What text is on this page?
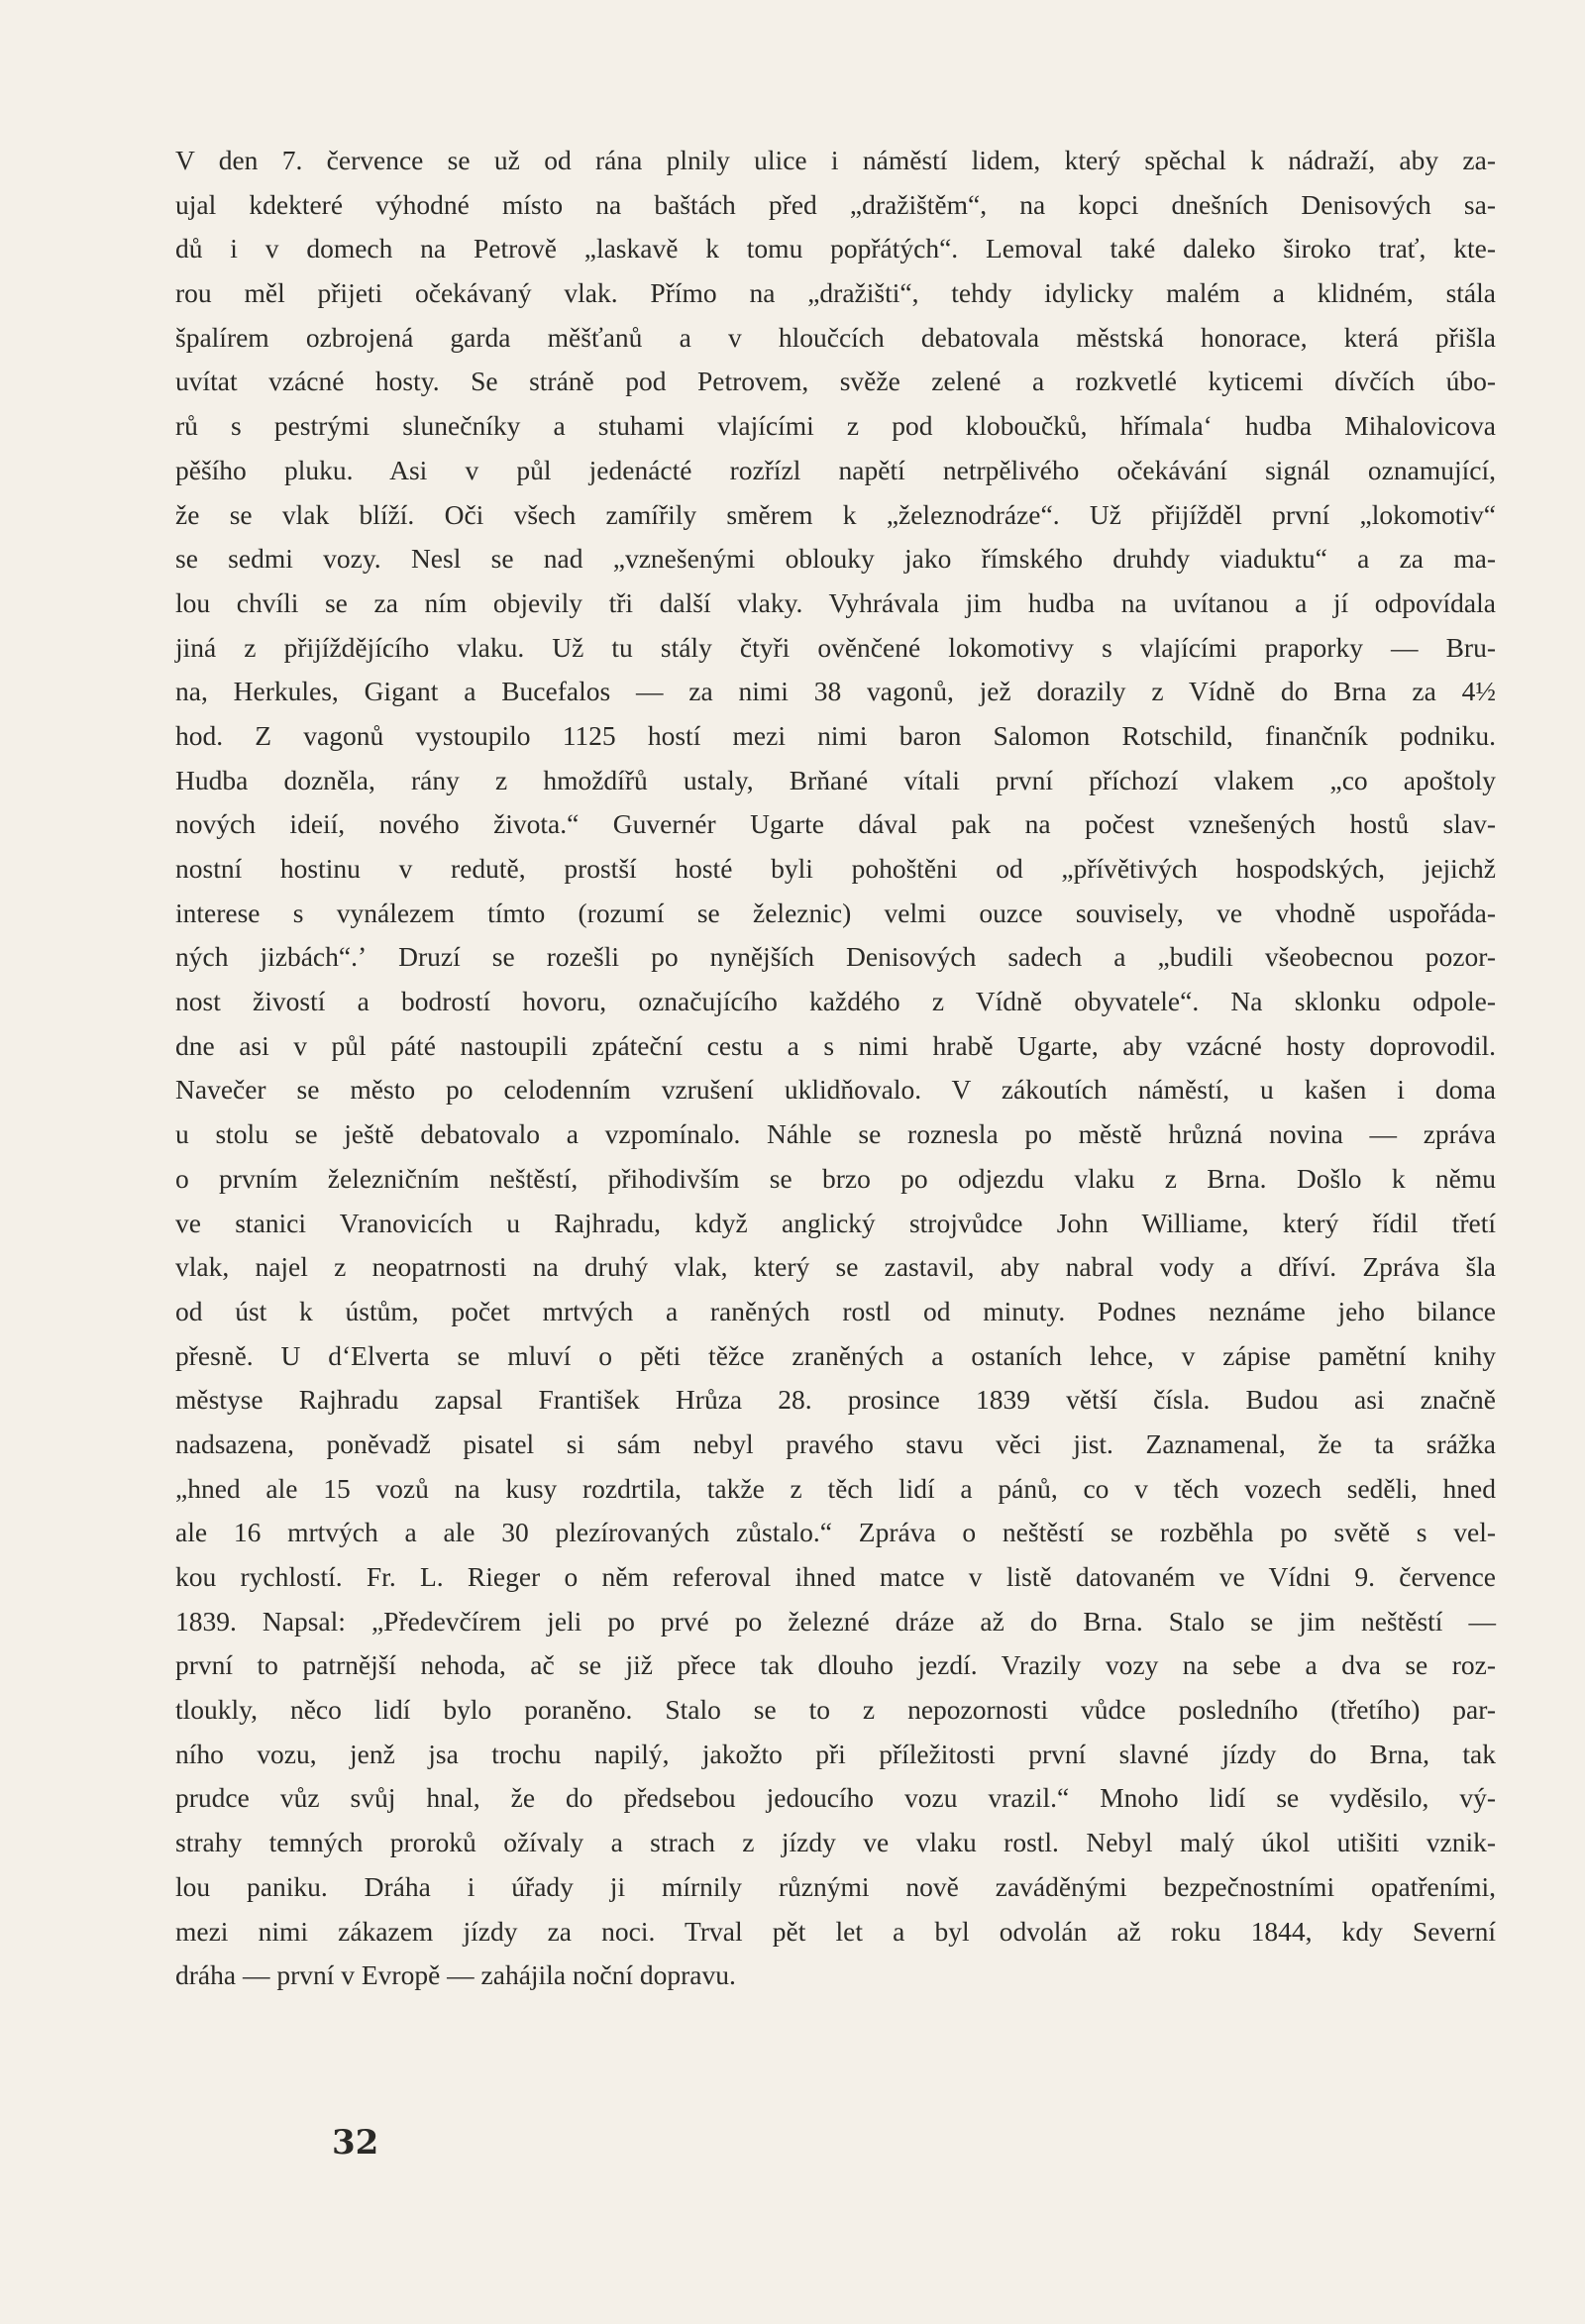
V den 7. července se už od rána plnily ulice i náměstí lidem, který spěchal k nádraží, aby za-
ujal kdekteré výhodné místo na baštách před „dražištěm“, na kopci dnešních Denisových sa-
dů i v domech na Petrově „laskavě k tomu popřátých“. Lemoval také daleko široko trať, kte-
rou měl přijeti očekávaný vlak. Přímo na „dražišti“, tehdy idylicky malém a klidném, stála
špalírem ozbrojená garda měšťanů a v hloučcích debatovala městská honorace, která přišla
uvítat vzácné hosty. Se stráně pod Petrovem, svěže zelené a rozkvetlé kyticemi dívčích úbo-
rů s pestrými slunečníky a stuhami vlajícími z pod kloboučků, hřímala‘ hudba Mihalovicova
pěšího pluku. Asi v půl jedenácté rozřízl napětí netrpělivého očekávání signál oznamující,
že se vlak blíží. Oči všech zamířily směrem k „železnodráze“. Už přijížděl první „lokomotiv“
se sedmi vozy. Nesl se nad „vznešenými oblouky jako římského druhdy viaduktu“ a za ma-
lou chvíli se za ním objevily tři další vlaky. Vyhrávala jim hudba na uvítanou a jí odpovídala
jiná z přijíždějícího vlaku. Už tu stály čtyři ověnčené lokomotivy s vlajícími praporky — Bru-
na, Herkules, Gigant a Bucefalos — za nimi 38 vagonů, jež dorazily z Vídně do Brna za 4½
hod. Z vagonů vystoupilo 1125 hostí mezi nimi baron Salomon Rotschild, finančník podniku.
Hudba dozněla, rány z hmoždířů ustaly, Brňané vítali první příchozí vlakem „co apoštoly
nových ideií, nového života.“ Guvernér Ugarte dával pak na počest vznešených hostů slav-
nostní hostinu v redutě, prostší hosté byli pohoštěni od „přívětivých hospodských, jejichž
interese s vynálezem tímto (rozumí se železnic) velmi ouzce souvisely, ve vhodně uspořáda-
ných jizbách“.ʼ Druzí se rozešli po nynějších Denisových sadech a „budili všeobecnou pozor-
nost živostí a bodrostí hovoru, označujícího každého z Vídně obyvatele“. Na sklonku odpole-
dne asi v půl páté nastoupili zpáteční cestu a s nimi hrabě Ugarte, aby vzácné hosty doprovodil.
Navečer se město po celodenním vzrušení uklidňovalo. V zákoutích náměstí, u kašen i doma
u stolu se ještě debatovalo a vzpomínalo. Náhle se roznesla po městě hrůzná novina — zpráva
o prvním železničním neštěstí, přihodivším se brzo po odjezdu vlaku z Brna. Došlo k němu
ve stanici Vranovicích u Rajhradu, když anglický strojvůdce John Williame, který řídil třetí
vlak, najel z neopatrnosti na druhý vlak, který se zastavil, aby nabral vody a dříví. Zpráva šla
od úst k ústům, počet mrtvých a raněných rostl od minuty. Podnes neznáme jeho bilance
přesně. U d‘Elverta se mluví o pěti těžce zraněných a ostaních lehce, v zápise pamětní knihy
městyse Rajhradu zapsal František Hrůza 28. prosince 1839 větší čísla. Budou asi značně
nadsazena, poněvadž pisatel si sám nebyl pravého stavu věci jist. Zaznamenal, že ta srážka
„hned ale 15 vozů na kusy rozdrtila, takže z těch lidí a pánů, co v těch vozech seděli, hned
ale 16 mrtvých a ale 30 plezírovaných zůstalo.“ Zpráva o neštěstí se rozběhla po světě s vel-
kou rychlostí. Fr. L. Rieger o něm referoval ihned matce v listě datovaném ve Vídni 9. července
1839. Napsal: „Předevčírem jeli po prvé po železné dráze až do Brna. Stalo se jim neštěstí —
první to patrnější nehoda, ač se již přece tak dlouho jezdí. Vrazily vozy na sebe a dva se roz-
tloukly, něco lidí bylo poraněno. Stalo se to z nepozornosti vůdce posledního (třetího) par-
ního vozu, jenž jsa trochu napilý, jakožto při příležitosti první slavné jízdy do Brna, tak
prudce vůz svůj hnal, že do předsebou jedoucího vozu vrazil.“ Mnoho lidí se vyděsilo, vý-
strahy temných proroků ožívaly a strach z jízdy ve vlaku rostl. Nebyl malý úkol utišiti vznik-
lou paniku. Dráha i úřady ji mírnily různými nově zaváděnými bezpečnostními opatřeními,
mezi nimi zákazem jízdy za noci. Trval pět let a byl odvolán až roku 1844, kdy Severní
dráha — první v Evropě — zahájila noční dopravu.
32
